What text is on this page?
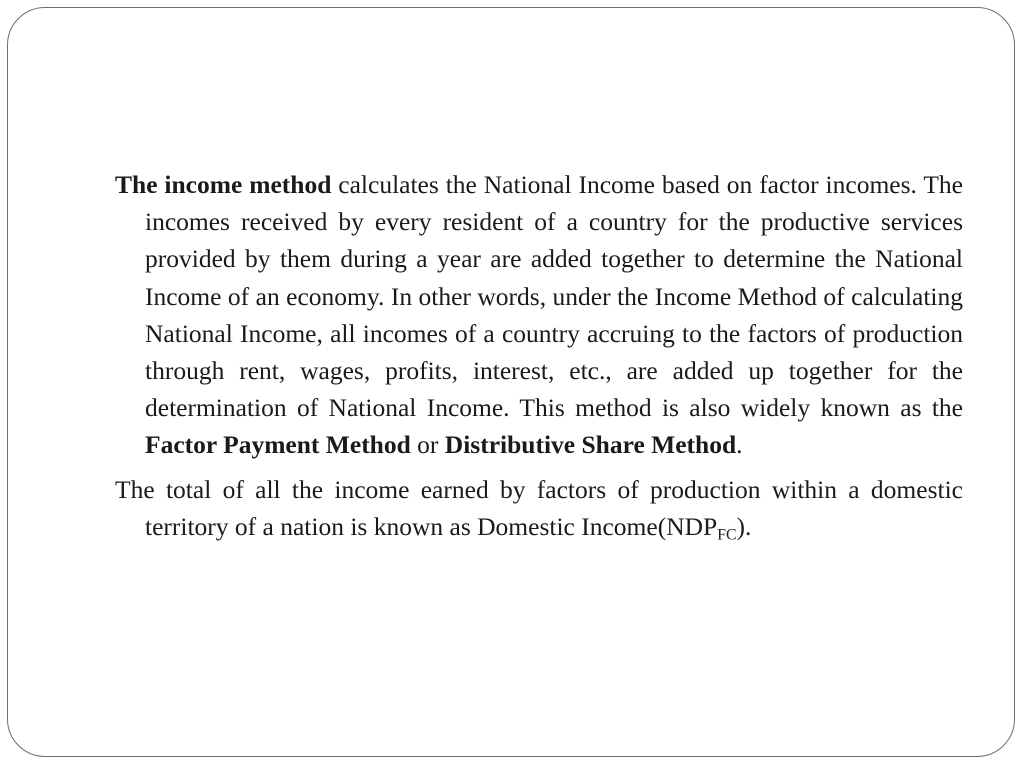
The income method calculates the National Income based on factor incomes. The incomes received by every resident of a country for the productive services provided by them during a year are added together to determine the National Income of an economy. In other words, under the Income Method of calculating National Income, all incomes of a country accruing to the factors of production through rent, wages, profits, interest, etc., are added up together for the determination of National Income. This method is also widely known as the Factor Payment Method or Distributive Share Method.

The total of all the income earned by factors of production within a domestic territory of a nation is known as Domestic $Income(NDP_{FC})$.
